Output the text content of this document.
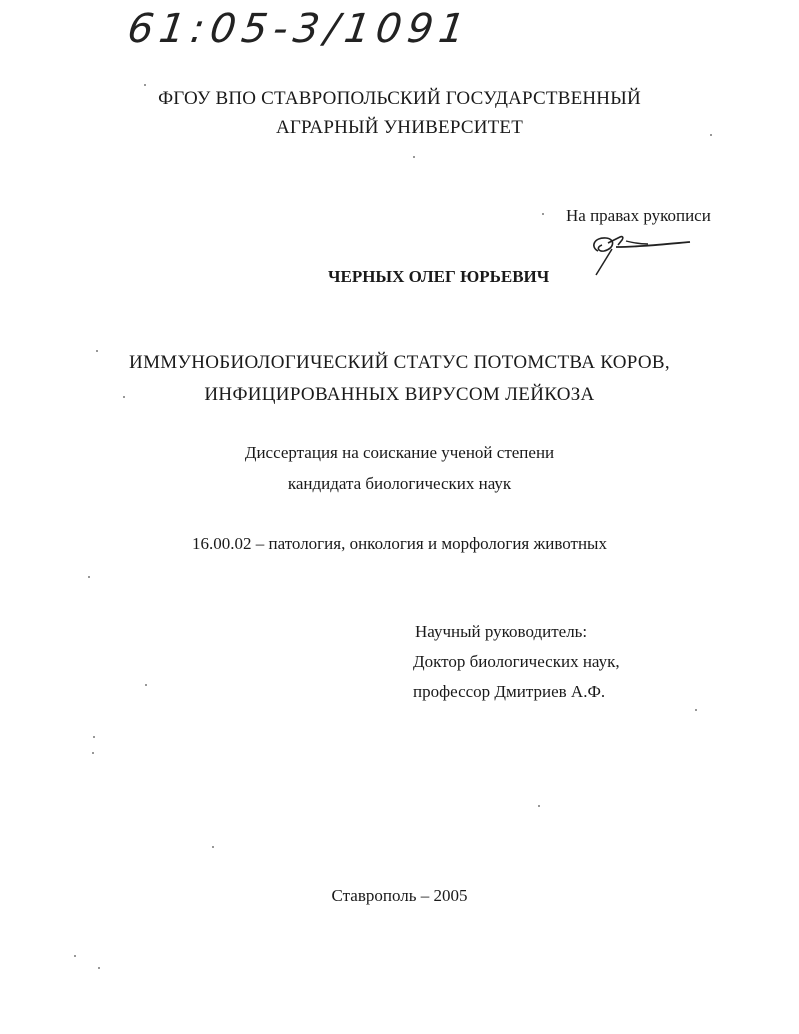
61:05-3/1091
ФГОУ ВПО СТАВРОПОЛЬСКИЙ ГОСУДАРСТВЕННЫЙ
АГРАРНЫЙ УНИВЕРСИТЕТ
На правах рукописи
ЧЕРНЫХ ОЛЕГ ЮРЬЕВИЧ
ИММУНОБИОЛОГИЧЕСКИЙ СТАТУС ПОТОМСТВА КОРОВ,
ИНФИЦИРОВАННЫХ ВИРУСОМ ЛЕЙКОЗА
Диссертация на соискание ученой степени
кандидата биологических наук
16.00.02 – патология, онкология и морфология животных
Научный руководитель:
Доктор биологических наук,
профессор Дмитриев А.Ф.
Ставрополь – 2005
